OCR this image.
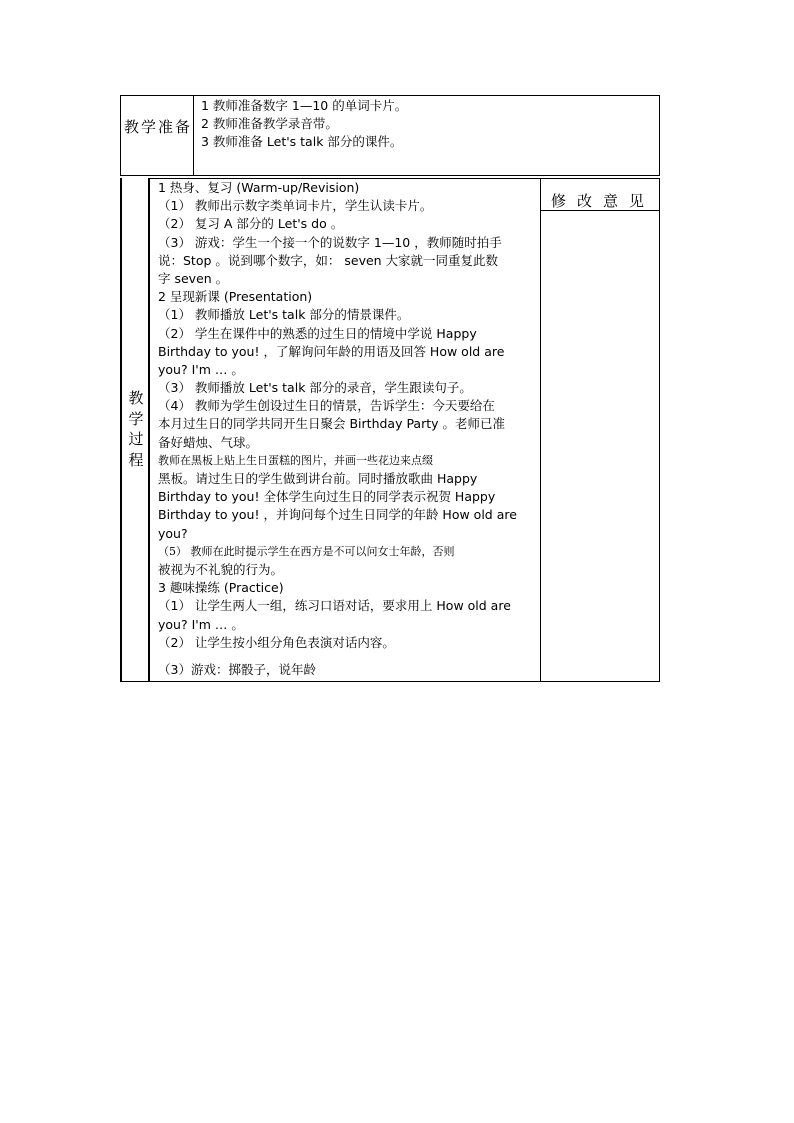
教学准备
1 教师准备数字 1—10 的单词卡片。
2 教师准备教学录音带。
3 教师准备 Let's talk 部分的课件。
教学过程
修改意见
1 热身、复习 (Warm-up/Revision)
（1） 教师出示数字类单词卡片，学生认读卡片。
（2） 复习 A 部分的 Let's do 。
（3） 游戏：学生一个接一个的说数字 1—10 ，教师随时拍手
说：Stop 。说到哪个数字，如： seven 大家就一同重复此数
字 seven 。
2 呈现新课 (Presentation)
（1） 教师播放 Let's talk 部分的情景课件。
（2） 学生在课件中的熟悉的过生日的情境中学说 Happy
Birthday to you! ，了解询问年龄的用语及回答 How old are
you? I'm … 。
（3） 教师播放 Let's talk 部分的录音，学生跟读句子。
（4） 教师为学生创设过生日的情景，告诉学生：今天要给在
本月过生日的同学共同开生日聚会 Birthday Party 。老师已准
备好蜡烛、气球。
教师在黑板上贴上生日蛋糕的图片，并画一些花边来点缀
黑板。请过生日的学生做到讲台前。同时播放歌曲 Happy
Birthday to you! 全体学生向过生日的同学表示祝贺 Happy
Birthday to you! ，并询问每个过生日同学的年龄 How old are
you?
（5） 教师在此时提示学生在西方是不可以问女士年龄，否则
被视为不礼貌的行为。
3 趣味操练 (Practice)
（1） 让学生两人一组，练习口语对话，要求用上 How old are
you? I'm … 。
（2） 让学生按小组分角色表演对话内容。
（3）游戏：掷骰子，说年龄
